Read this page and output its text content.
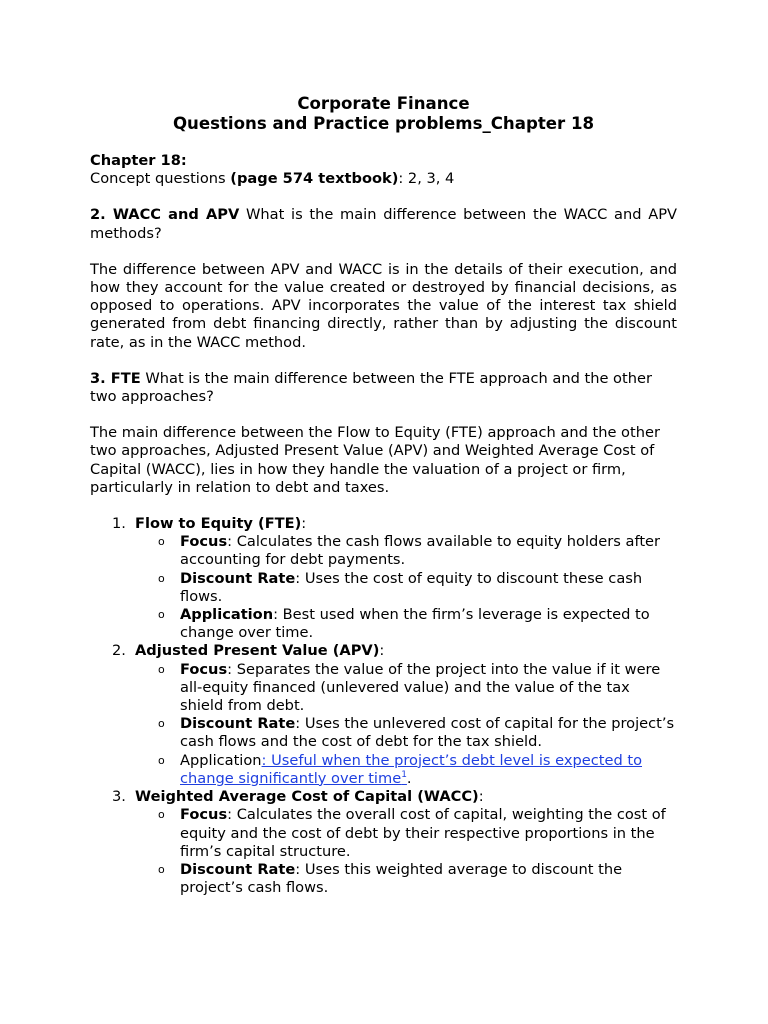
Corporate Finance
Questions and Practice problems_Chapter 18

Chapter 18:

Concept questions (page 574 textbook): 2, 3, 4

2. WACC and APV What is the main difference between the WACC and APV methods?

The difference between APV and WACC is in the details of their execution, and how they account for the value created or destroyed by financial decisions, as opposed to operations. APV incorporates the value of the interest tax shield generated from debt financing directly, rather than by adjusting the discount rate, as in the WACC method.

3. FTE What is the main difference between the FTE approach and the other two approaches?

The main difference between the Flow to Equity (FTE) approach and the other two approaches, Adjusted Present Value (APV) and Weighted Average Cost of Capital (WACC), lies in how they handle the valuation of a project or firm, particularly in relation to debt and taxes.

1. Flow to Equity (FTE):
o Focus: Calculates the cash flows available to equity holders after accounting for debt payments.
o Discount Rate: Uses the cost of equity to discount these cash flows.
o Application: Best used when the firm’s leverage is expected to change over time.
2. Adjusted Present Value (APV):
o Focus: Separates the value of the project into the value if it were all-equity financed (unlevered value) and the value of the tax shield from debt.
o Discount Rate: Uses the unlevered cost of capital for the project’s cash flows and the cost of debt for the tax shield.
o Application: Useful when the project’s debt level is expected to change significantly over time$^1$.
3. Weighted Average Cost of Capital (WACC):
o Focus: Calculates the overall cost of capital, weighting the cost of equity and the cost of debt by their respective proportions in the firm’s capital structure.
o Discount Rate: Uses this weighted average to discount the project’s cash flows.
